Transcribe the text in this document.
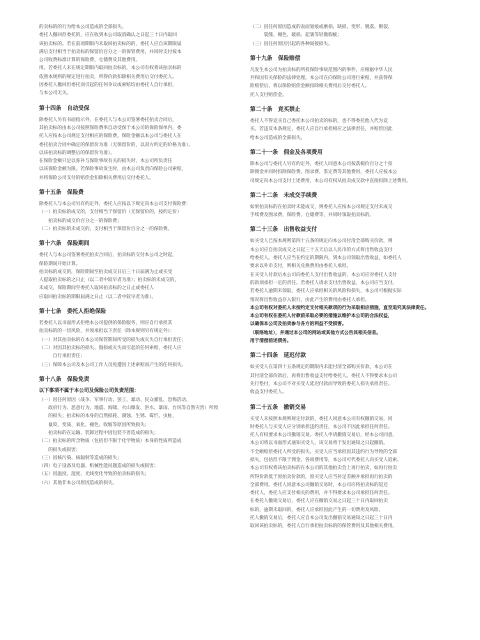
的卖标的的行为给本公司造成的全部损失。
委托人撤回但委托的，应在收到本公司取消确认之日起三十日内取回
该拍卖标的。若在前项期限内未取回拍卖标的的，委托人应自该期限届
满后支付相当于拍卖标的保留价百分之一的保管费用，并同时支付按本
公司收费标准计算的保险费、仓储费及其他费用。
用。若委托人未在规定期限内取回拍卖标的，本公司有权将该拍卖标的
依照本规则的规定进行拍卖，所得价款扣除相关费用后交付委托人。
因委托人撤回但委托而引起的任何争议或索赔均由委托人自行承担，
与本公司无关。
第十四条　自动受保
除委托人另有书面指示外，在委托人与本公司签署委托拍卖合同后，
其拍卖标的由本公司按照保险费率自动受保于本公司的保险保单内，委
托人应按本公司规定支付相应的保险费。保险金额以本公司与委托人在
委托拍卖合同中确定的保留价为准（无保留价的，以双方约定的价格为准）。
以该拍卖标的调整后的保留价为准）。
在保险金额只足以弥补与保险事故有关的损失时，本公司所负责任
以该保险金额为限。若保险事故发生时，由本公司负责向保险公司索赔，
并将保险公司支付的赔偿金扣除相关费用后交付委托人。
第十五条　保险费
除委托人与本公司另有约定外，委托人应按以下规定向本公司支付保险费：
（一）拍卖标的成交的，支付相当于保留价（无保留价的，按约定价）
　　拍卖标的成交价百分之一的保险费；
（二）拍卖标的未成交的，支付相当于保留价百分之一的保险费。
第十六条　保险期间
委托人与本公司签署委托拍卖合同后，拍卖标的交付本公司之时起，
保险期间开始计算。
拍卖标的成交的，保险期间至拍卖成交日后三十日届满为止或买受
人提取拍卖标的之日止（以二者中较早者为准）；拍卖标的未成交的，
未成交，保险期间至委托人取回拍卖标的之日止或委托人
应取回拍卖标的期限届满之日止（以二者中较早者为准）。
第十七条　委托人拒绝保险
若委托人以书面形式拒绝本公司提供的保险服务，则应自行承担其
拍卖标的的一切风险，并须承担以下责任（除本规则另有规定外）：
（一）对其拍卖标的在本公司保管期间所受的损失或灭失自行承担责任；
（二）对因其拍卖标的损失、毁损或灭失而引起的任何索赔，委托人应
　　　自行承担责任；
（三）保障本公司及本公司工作人员免遭因上述索赔而产生的任何损失。
第十八条　保险免责
以下事项不属于本公司及保险公司负责范围：
（一）因任何原因（战争、军事行动、罢工、暴动、民众骚乱、恐怖活动、
　　政府行为、恶意行为、地震、海啸、火山爆发、洪水、暴雨、台风等自然灾害）所致
　　的损失；拍卖标的本身的自然损耗、腐蚀、生锈、霉烂、虫蛀、
　　鼠咬、变质、氧化、褪色、收缩等原因所致损失；
　　拍卖标的在运输、装卸过程中因包装不善造成的损失；
（二）拍卖标的所含物质（包括但不限于化学物质）本身的性质所造成
　　的损失或损害；
（三）因核污染、核辐射等造成的损失；
（四）电子设备及电器、机械性能问题造成的损失或损害；
（五）因温度、湿度、光线变化导致的拍卖标的损失；
（六）其他非本公司原因造成的损失。
（二）因任何原因造成的表面划痕或磨损、缺损、变形、脱落、断裂、
　　　裂缝、褪色、破损、起皱等轻微瑕疵；
（三）因任何原因引起的各种间接损失。
第十九条　保险赔偿
凡发生本公司为拍卖标的所投保险事故范围内的事件，应根据中华人民
共和国有关保险的法律处理。本公司在向保险公司进行索赔，并获得保
险赔偿后，将以保险赔偿金额扣除相关费用后交付委托人。
托人支付赔偿金。
第二十条　竞买禁止
委托人不得竞买自己委托本公司拍卖的标的，也不得委托他人代为竞
买。若违反本条规定，委托人应自行承担相应之法律责任，并赔偿因此
给本公司造成的全部损失。
第二十一条　佣金及各项费用
除本公司与委托人另有约定外，委托人同意本公司按落槌价百分之十扣
除佣金并同时扣除保险费、图录费、鉴定费等其他费用，委托人应按本公
司规定向本公司支付上述费用，本公司有权从拍卖成交款中直接扣除上述费用。
第二十二条　未成交手续费
如果拍卖标的在拍卖时未能成交，则委托人应按本公司规定支付未成交
手续费及图录费、保险费、仓储费等，并同时领取拍卖标的。
第二十三条　出售收益支付
如买受人已按本规则第四十五条的规定向本公司付清全部购买价款，则
本公司应自拍卖成交之日起三十五天后以人民币的方式将出售收益支付
给委托人。委托人应当在约定的期限内，到本公司领取出售收益，如委托人
要求以外币支付，则相关兑换费用由委托人承担。
在买受人付款后本公司向委托人支付出售收益的，本公司应对委托人支付
的款项承担一定的责任。若委托人请求支付出售收益，本公司应当支付。
若委托人逾期未领取，委托人应承担相关的风险和损失，本公司可根据实际
情况将出售收益存入银行，由此产生的费用由委托人承担。
本公司有权对委托人未按约定支付相关款项的行为采取相应措施，直至追究其法律责任。
本公司有权在委托人付款前采取必要的措施以维护本公司的合法权益，
以确保本公司及拍卖参与各方的利益不受损害。
（联络地址），并通过本公司的网站或其他方式公告其相关信息。
用于清偿前述债务。
第二十四条　延迟付款
如买受人在第四十五条规定的期限内未能付清全部购买价款，本公司在
其付清全部价款后，再将出售收益支付给委托人。委托人不得要求本公司
先行垫付，本公司不对买受人延迟付款而导致的委托人损失承担责任。
收益支付委托人。
第二十五条　撤销交易
买受人未按照本规则规定付款的，委托人同意本公司有权撤销交易，同
时委托人与买受人应分别承担违约责任，本公司不因此承担任何责任。
托人有权要求本公司撤销交易。委托人申请撤销交易后，经本公司同意，
本公司将以书面形式通知买受人，该交易将于发出通知之日起撤销。
不全额赔偿委托人所受的损失。买受人应当承担因其违约行为导致的全部
损失，包括但不限于佣金、各项费用等，本公司可代委托人向买受人追索。
本公司有权将该拍卖标的在本公司的其他拍卖会上再行拍卖，如再行拍卖
所得价款低于原拍卖价款的，原买受人应当补足差额并承担再行拍卖的
全部费用。委托人同意本公司撤销交易时，本公司应将拍卖标的返还
委托人，委托人应支付相关的费用，并不得要求本公司承担任何责任。
在委托人撤销交易后，委托人应在撤销交易之日起三十日内取回拍卖
标的，逾期未取回的，委托人应承担因此产生的一切费用及风险。
托人撤销交易后，委托人应自本公司发出撤销交易通知之日起三十日内
取回该拍卖标的，委托人自行承担拍卖标的的保管费用及其他相关费用。
